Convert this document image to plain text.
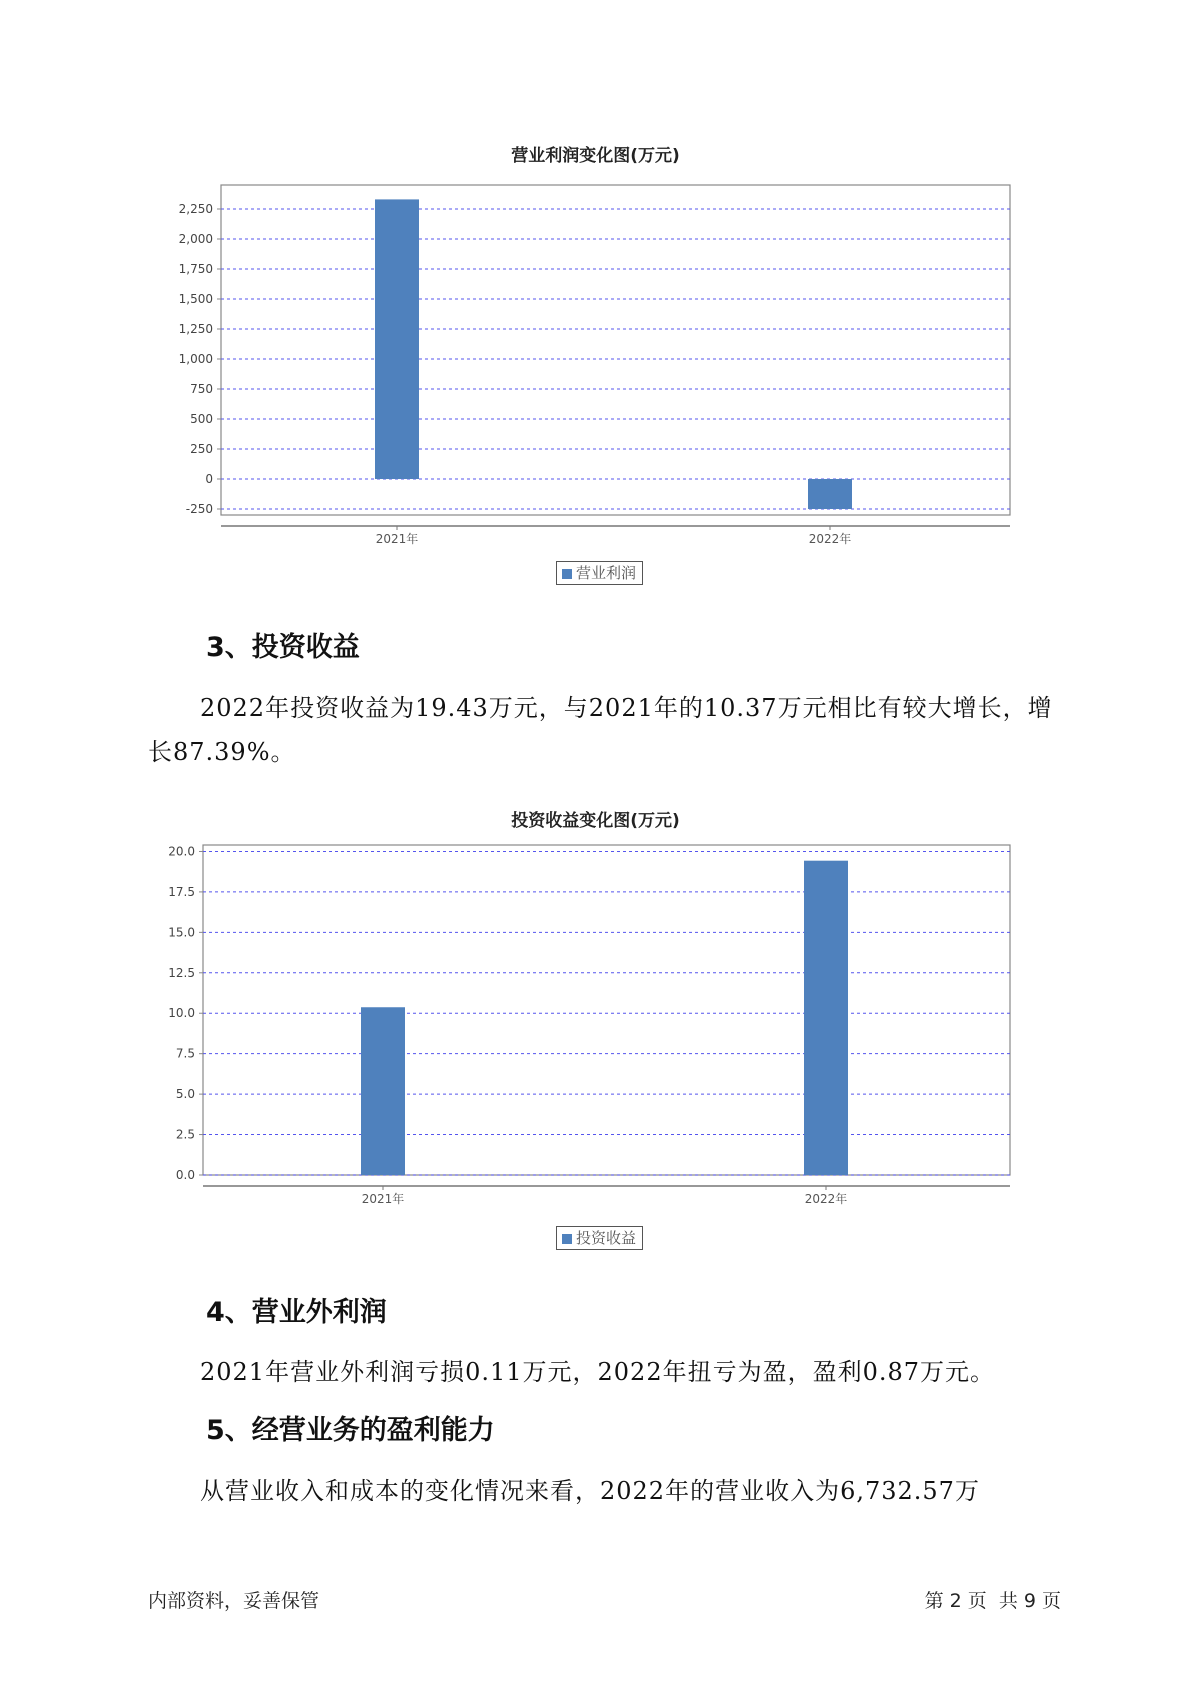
营业利润变化图(万元)
2,250
2,000
1,750
1,500
1,250
1,000
750
500
250
0
-250
2021年	2022年
营业利润
3、投资收益
2022年投资收益为19.43万元，与2021年的10.37万元相比有较大增长，增长87.39%。
投资收益变化图(万元)
20.0
17.5
15.0
12.5
10.0
7.5
5.0
2.5
0.0
2021年	2022年
投资收益
4、营业外利润
2021年营业外利润亏损0.11万元，2022年扭亏为盈，盈利0.87万元。
5、经营业务的盈利能力
从营业收入和成本的变化情况来看，2022年的营业收入为6,732.57万
内部资料，妥善保管	第 2 页  共 9 页
